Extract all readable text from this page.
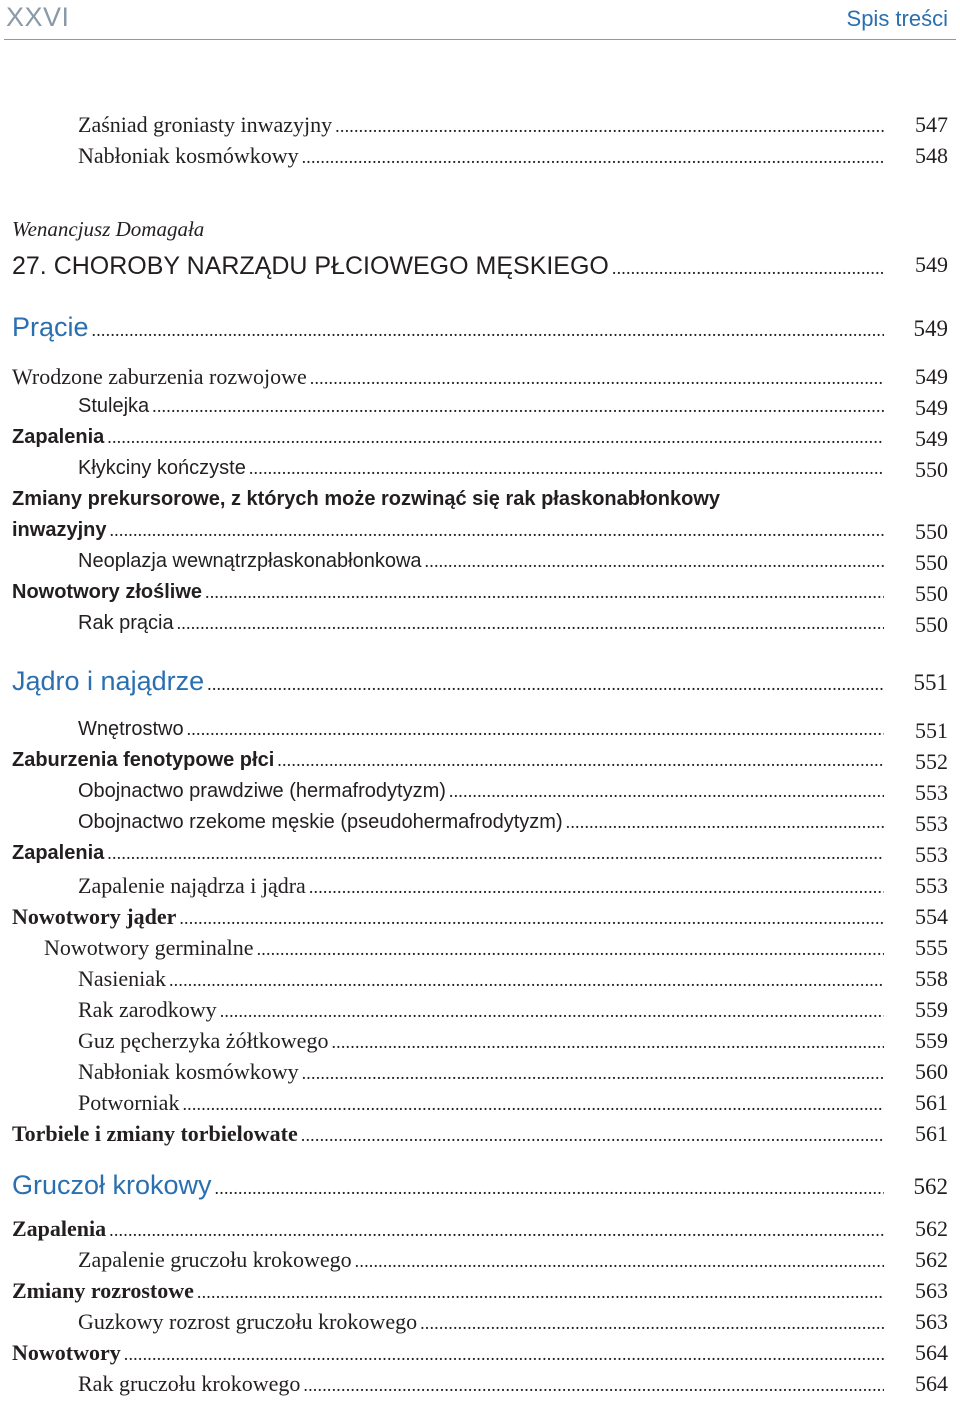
XXVI	Spis treści
Zaśniad groniasty inwazyjny .....	547
Nabłoniak kosmówkowy .....	548
Wenancjusz Domagała
27. CHOROBY NARZĄDU PŁCIOWEGO MĘSKIEGO .....	549
Prącie .....	549
Wrodzone zaburzenia rozwojowe .....	549
Stulejka .....	549
Zapalenia .....	549
Kłykciny kończyste .....	550
Zmiany prekursorowe, z których może rozwinąć się rak płaskonabłonkowy
inwazyjny .....	550
Neoplazja wewnątrzpłaskonabłonkowa .....	550
Nowotwory złośliwe .....	550
Rak prącia .....	550
Jądro i najądrze .....	551
Wnętrostwo .....	551
Zaburzenia fenotypowe płci .....	552
Obojnactwo prawdziwe (hermafrodytyzm) .....	553
Obojnactwo rzekome męskie (pseudohermafrodytyzm) .....	553
Zapalenia .....	553
Zapalenie najądrza i jądra .....	553
Nowotwory jąder .....	554
Nowotwory germinalne .....	555
Nasieniak .....	558
Rak zarodkowy .....	559
Guz pęcherzyka żółtkowego .....	559
Nabłoniak kosmówkowy .....	560
Potworniak .....	561
Torbiele i zmiany torbielowate .....	561
Gruczoł krokowy .....	562
Zapalenia .....	562
Zapalenie gruczołu krokowego .....	562
Zmiany rozrostowe .....	563
Guzkowy rozrost gruczołu krokowego .....	563
Nowotwory .....	564
Rak gruczołu krokowego .....	564
